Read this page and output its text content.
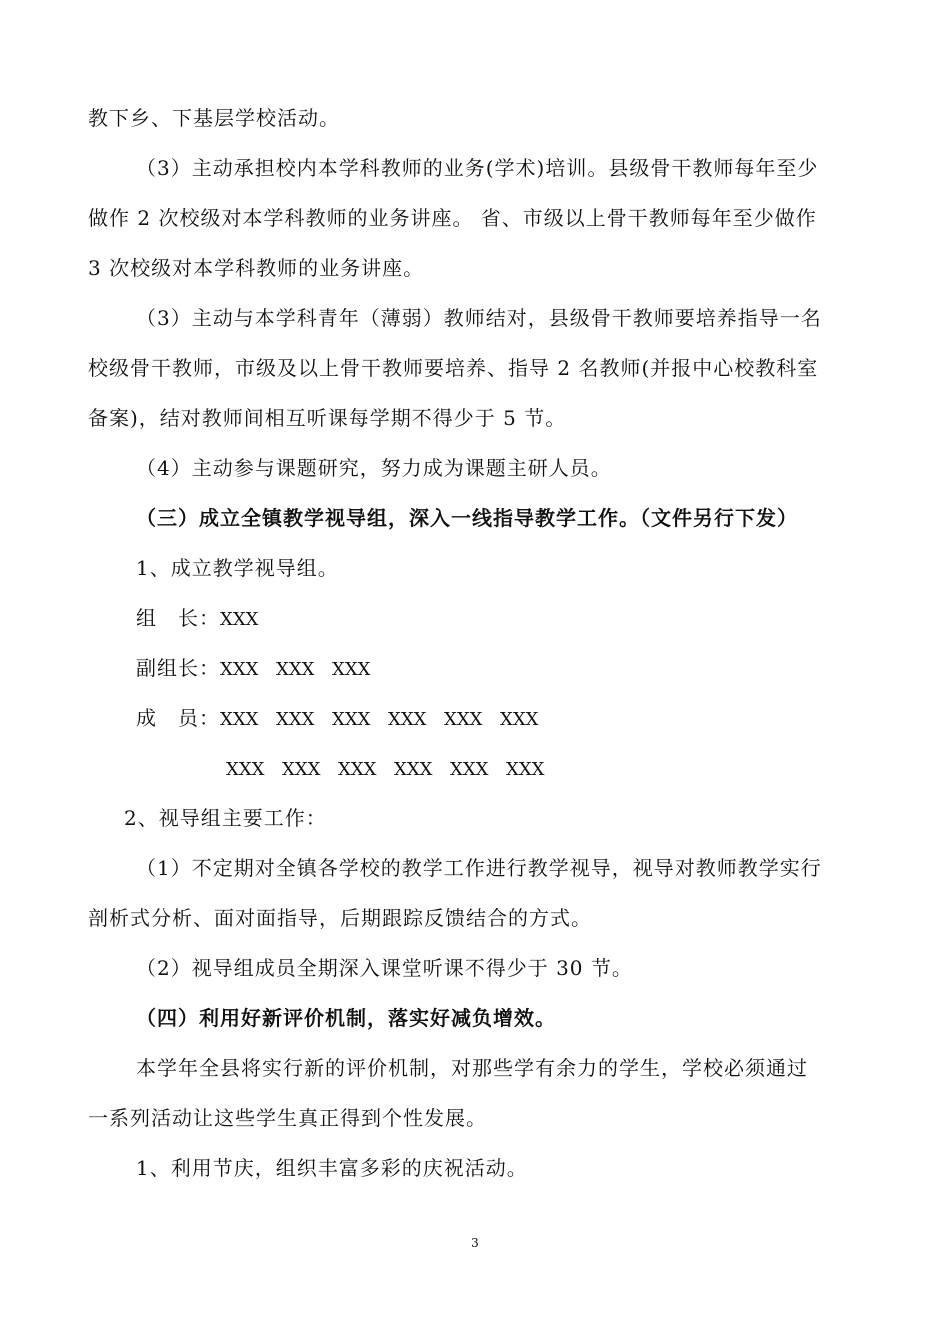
教下乡、下基层学校活动。
（3）主动承担校内本学科教师的业务(学术)培训。县级骨干教师每年至少
做作 2 次校级对本学科教师的业务讲座。 省、市级以上骨干教师每年至少做作
3 次校级对本学科教师的业务讲座。
（3）主动与本学科青年（薄弱）教师结对，县级骨干教师要培养指导一名
校级骨干教师，市级及以上骨干教师要培养、指导 2 名教师(并报中心校教科室
备案)，结对教师间相互听课每学期不得少于 5 节。
（4）主动参与课题研究，努力成为课题主研人员。
（三）成立全镇教学视导组，深入一线指导教学工作。（文件另行下发）
1、成立教学视导组。
组　长：XXX
副组长：XXX XXX XXX
成　员：XXX XXX XXX XXX XXX XXX
XXX XXX XXX XXX XXX XXX
2、视导组主要工作：
（1）不定期对全镇各学校的教学工作进行教学视导，视导对教师教学实行
剖析式分析、面对面指导，后期跟踪反馈结合的方式。
（2）视导组成员全期深入课堂听课不得少于 30 节。
（四）利用好新评价机制，落实好减负增效。
本学年全县将实行新的评价机制，对那些学有余力的学生，学校必须通过
一系列活动让这些学生真正得到个性发展。
1、利用节庆，组织丰富多彩的庆祝活动。
3
